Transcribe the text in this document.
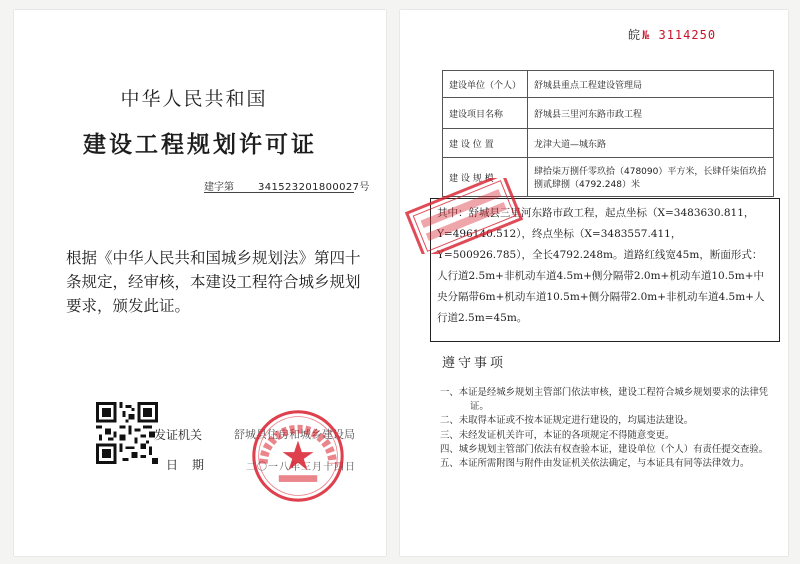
中华人民共和国
建设工程规划许可证
建字第 341523201800027号
根据《中华人民共和国城乡规划法》第四十条规定，经审核，本建设工程符合城乡规划要求，颁发此证。
发证机关	舒城县住房和城乡建设局
日期	二〇一八年三月十四日
皖 № 3114250
建设单位（个人）	舒城县重点工程建设管理局
建设项目名称	舒城县三里河东路市政工程
建 设 位 置	龙津大道—城东路
建 设 规 模	肆拾柒万捌仟零玖拾（478090）平方米，长肆仟柒佰玖拾捌贰肆捌（4792.248）米
其中：舒城县三里河东路市政工程，起点坐标（X=3483630.811，Y=496140.512），终点坐标（X=3483557.411，Y=500926.785），全长4792.248m。道路红线宽45m，断面形式：人行道2.5m+非机动车道4.5m+侧分隔带2.0m+机动车道10.5m+中央分隔带6m+机动车道10.5m+侧分隔带2.0m+非机动车道4.5m+人行道2.5m=45m。
遵守事项
一、本证是经城乡规划主管部门依法审核，建设工程符合城乡规划要求的法律凭证。
二、未取得本证或不按本证规定进行建设的，均属违法建设。
三、未经发证机关许可，本证的各项规定不得随意变更。
四、城乡规划主管部门依法有权查验本证，建设单位（个人）有责任提交查验。
五、本证所需附图与附件由发证机关依法确定，与本证具有同等法律效力。
